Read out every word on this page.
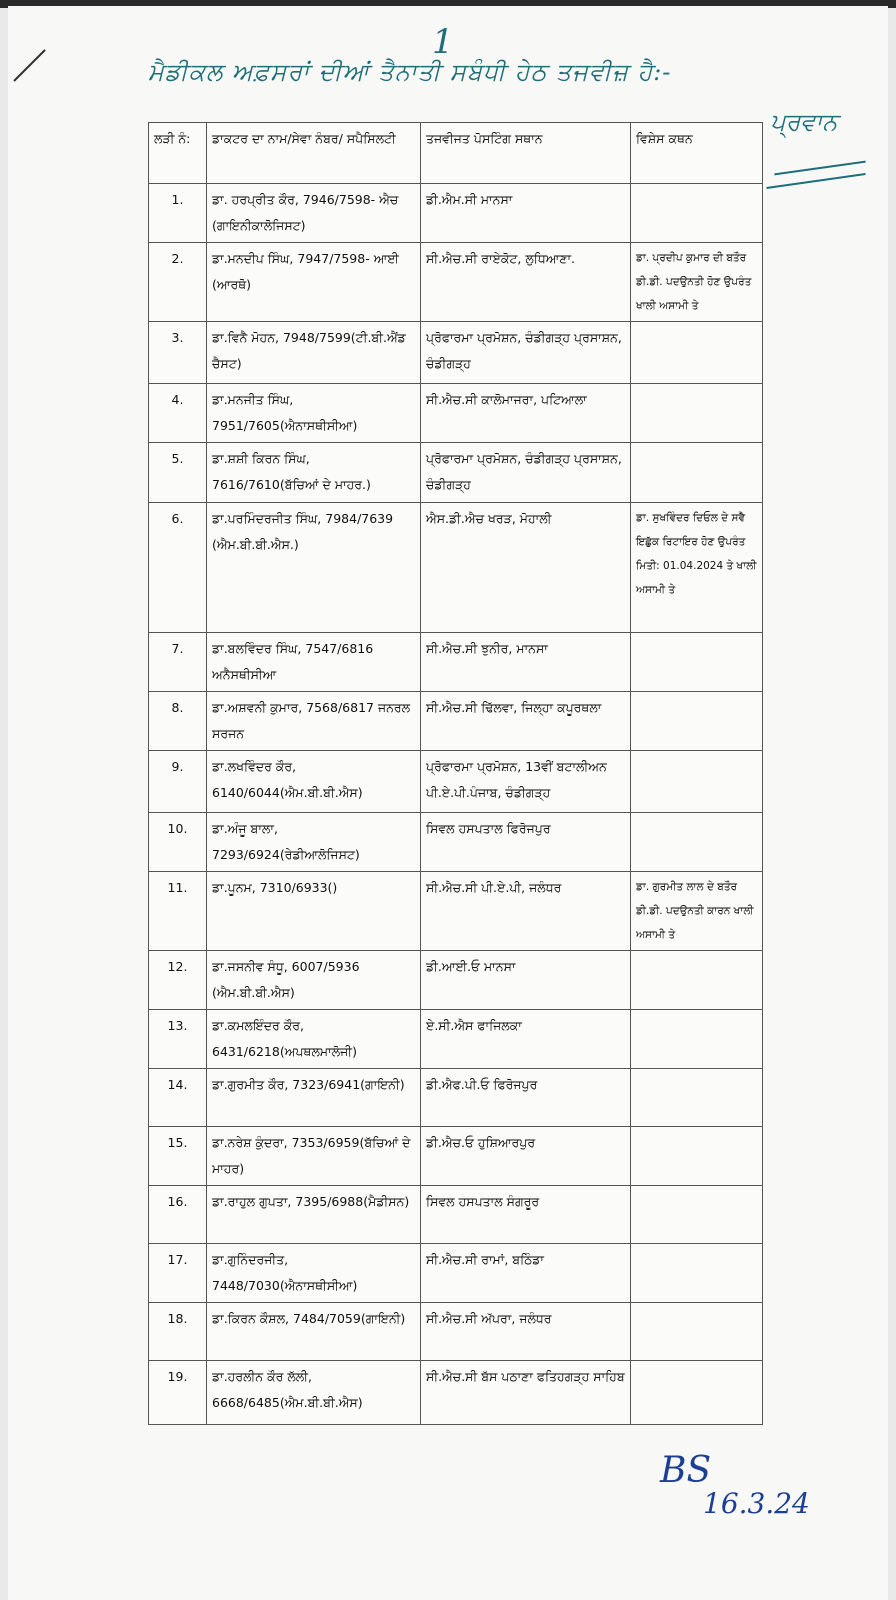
1
ਮੈਡੀਕਲ ਅਫ਼ਸਰਾਂ ਦੀਆਂ ਤੈਨਾਤੀ ਸਬੰਧੀ ਹੇਠ ਤਜਵੀਜ਼ ਹੈ:-
ਪ੍ਰਵਾਨ
ਲੜੀ ਨੰ:	ਡਾਕਟਰ ਦਾ ਨਾਮ/ਸੇਵਾ ਨੰਬਰ/ ਸਪੈਸਿਲਟੀ	ਤਜਵੀਜਤ ਪੋਸਟਿੰਗ ਸਥਾਨ	ਵਿਸ਼ੇਸ ਕਥਨ
1.	ਡਾ. ਹਰਪ੍ਰੀਤ ਕੌਰ, 7946/7598- ਐਚ (ਗਾਇਨੀਕਾਲੋਜਿਸਟ)	ਡੀ.ਐਮ.ਸੀ ਮਾਨਸਾ	
2.	ਡਾ.ਮਨਦੀਪ ਸਿੰਘ, 7947/7598- ਆਈ (ਆਰਥੋ)	ਸੀ.ਐਚ.ਸੀ ਰਾਏਕੋਟ, ਲੁਧਿਆਣਾ.	ਡਾ. ਪ੍ਰਦੀਪ ਕੁਮਾਰ ਦੀ ਬਤੌਰ ਡੀ.ਡੀ. ਪਦਉਨਤੀ ਹੋਣ ਉਪਰੰਤ ਖਾਲੀ ਅਸਾਮੀ ਤੇ
3.	ਡਾ.ਵਿਨੈ ਮੋਹਨ, 7948/7599(ਟੀ.ਬੀ.ਐਂਡ ਚੈਸਟ)	ਪ੍ਰੋਫਾਰਮਾ ਪ੍ਰਮੋਸ਼ਨ, ਚੰਡੀਗੜ੍ਹ ਪ੍ਰਸਾਸ਼ਨ, ਚੰਡੀਗੜ੍ਹ	
4.	ਡਾ.ਮਨਜੀਤ ਸਿੰਘ, 7951/7605(ਐਨਾਸਥੀਸੀਆ)	ਸੀ.ਐਚ.ਸੀ ਕਾਲੋਮਾਜਰਾ, ਪਟਿਆਲਾ	
5.	ਡਾ.ਸ਼ਸ਼ੀ ਕਿਰਨ ਸਿੰਘ, 7616/7610(ਬੱਚਿਆਂ ਦੇ ਮਾਹਰ.)	ਪ੍ਰੋਫਾਰਮਾ ਪ੍ਰਮੋਸ਼ਨ, ਚੰਡੀਗੜ੍ਹ ਪ੍ਰਸਾਸ਼ਨ, ਚੰਡੀਗੜ੍ਹ	
6.	ਡਾ.ਪਰਮਿੰਦਰਜੀਤ ਸਿੰਘ, 7984/7639 (ਐਮ.ਬੀ.ਬੀ.ਐਸ.)	ਐਸ.ਡੀ.ਐਚ ਖਰੜ, ਮੋਹਾਲੀ	ਡਾ. ਸੁਖਵਿੰਦਰ ਦਿਓਲ ਦੇ ਸਵੈ ਇਛੁੱਕ ਰਿਟਾਇਰ ਹੋਣ ਉਪਰੰਤ ਮਿਤੀ: 01.04.2024 ਤੇ ਖਾਲੀ ਅਸਾਮੀ ਤੇ
7.	ਡਾ.ਬਲਵਿੰਦਰ ਸਿੰਘ, 7547/6816 ਅਨੈਸਥੀਸੀਆ	ਸੀ.ਐਚ.ਸੀ ਝੁਨੀਰ, ਮਾਨਸਾ	
8.	ਡਾ.ਅਸ਼ਵਨੀ ਕੁਮਾਰ, 7568/6817 ਜਨਰਲ ਸਰਜਨ	ਸੀ.ਐਚ.ਸੀ ਢਿੱਲਵਾ, ਜਿਲ੍ਹਾ ਕਪੂਰਥਲਾ	
9.	ਡਾ.ਲਖਵਿੰਦਰ ਕੌਰ, 6140/6044(ਐਮ.ਬੀ.ਬੀ.ਐਸ)	ਪ੍ਰੋਫਾਰਮਾ ਪ੍ਰਮੋਸ਼ਨ, 13ਵੀਂ ਬਟਾਲੀਅਨ ਪੀ.ਏ.ਪੀ.ਪੰਜਾਬ, ਚੰਡੀਗੜ੍ਹ	
10.	ਡਾ.ਅੰਜੂ ਬਾਲਾ, 7293/6924(ਰੇਡੀਆਲੋਜਿਸਟ)	ਸਿਵਲ ਹਸਪਤਾਲ ਫਿਰੋਜਪੁਰ	
11.	ਡਾ.ਪੂਨਮ, 7310/6933()	ਸੀ.ਐਚ.ਸੀ ਪੀ.ਏ.ਪੀ, ਜਲੰਧਰ	ਡਾ. ਗੁਰਮੀਤ ਲਾਲ ਦੇ ਬਤੌਰ ਡੀ.ਡੀ. ਪਦਉਨਤੀ ਕਾਰਨ ਖਾਲੀ ਅਸਾਮੀ ਤੇ
12.	ਡਾ.ਜਸਨੀਵ ਸੰਧੂ, 6007/5936 (ਐਮ.ਬੀ.ਬੀ.ਐਸ)	ਡੀ.ਆਈ.ਓ ਮਾਨਸਾ	
13.	ਡਾ.ਕਮਲਇੰਦਰ ਕੌਰ, 6431/6218(ਅਪਥਲਮਾਲੋਜੀ)	ਏ.ਸੀ.ਐਸ ਫਾਜਿਲਕਾ	
14.	ਡਾ.ਗੁਰਮੀਤ ਕੌਰ, 7323/6941(ਗਾਇਨੀ)	ਡੀ.ਐਫ.ਪੀ.ਓ ਫਿਰੋਜਪੁਰ	
15.	ਡਾ.ਨਰੇਸ਼ ਕੁੰਦਰਾ, 7353/6959(ਬੱਚਿਆਂ ਦੇ ਮਾਹਰ)	ਡੀ.ਐਚ.ਓ ਹੁਸ਼ਿਆਰਪੁਰ	
16.	ਡਾ.ਰਾਹੁਲ ਗੁਪਤਾ, 7395/6988(ਮੈਡੀਸਨ)	ਸਿਵਲ ਹਸਪਤਾਲ ਸੰਗਰੂਰ	
17.	ਡਾ.ਗੁਨਿੰਦਰਜੀਤ, 7448/7030(ਐਨਾਸਥੀਸੀਆ)	ਸੀ.ਐਚ.ਸੀ ਰਾਮਾਂ, ਬਠਿੰਡਾ	
18.	ਡਾ.ਕਿਰਨ ਕੌਸ਼ਲ, 7484/7059(ਗਾਇਨੀ)	ਸੀ.ਐਚ.ਸੀ ਅੱਪਰਾ, ਜਲੰਧਰ	
19.	ਡਾ.ਹਰਲੀਨ ਕੌਰ ਲੱਲੀ, 6668/6485(ਐਮ.ਬੀ.ਬੀ.ਐਸ)	ਸੀ.ਐਚ.ਸੀ ਬੱਸ ਪਠਾਣਾ ਫਤਿਹਗੜ੍ਹ ਸਾਹਿਬ	
BS
16.3.24
